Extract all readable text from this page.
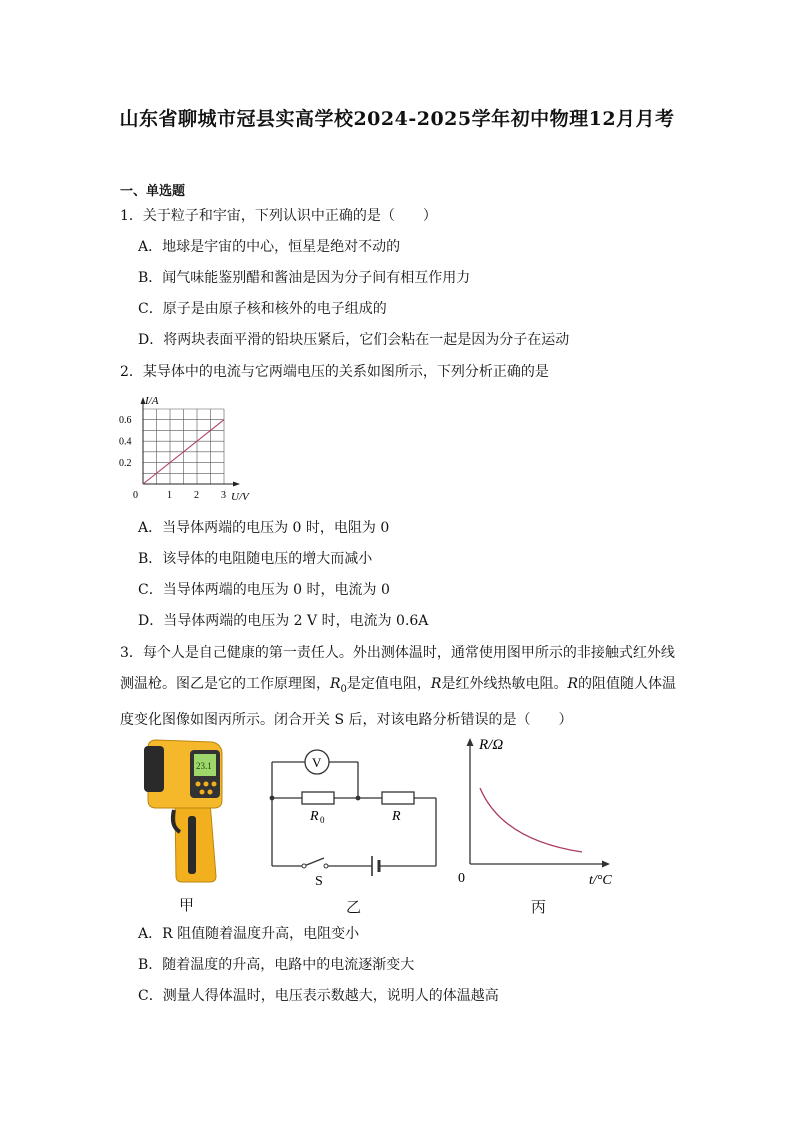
山东省聊城市冠县实高学校2024-2025学年初中物理12月月考
一、单选题
1．关于粒子和宇宙，下列认识中正确的是（　　）
A．地球是宇宙的中心，恒星是绝对不动的
B．闻气味能鉴别醋和酱油是因为分子间有相互作用力
C．原子是由原子核和核外的电子组成的
D．将两块表面平滑的铅块压紧后，它们会粘在一起是因为分子在运动
2．某导体中的电流与它两端电压的关系如图所示，下列分析正确的是
0	1 2 3
0.2
0.4
0.6
I/A
U/V
A．当导体两端的电压为 0 时，电阻为 0
B．该导体的电阻随电压的增大而减小
C．当导体两端的电压为 0 时，电流为 0
D．当导体两端的电压为 2 V 时，电流为 0.6A
3．每个人是自己健康的第一责任人。外出测体温时，通常使用图甲所示的非接触式红外线
测温枪。图乙是它的工作原理图，$R_0$是定值电阻，R是红外线热敏电阻。R的阻值随人体温
度变化图像如图丙所示。闭合开关 S 后，对该电路分析错误的是（　　）
23.1
甲
V
R 0	R
S
乙
R/Ω
0	t/°C
丙
A．R 阻值随着温度升高，电阻变小
B．随着温度的升高，电路中的电流逐渐变大
C．测量人得体温时，电压表示数越大，说明人的体温越高
